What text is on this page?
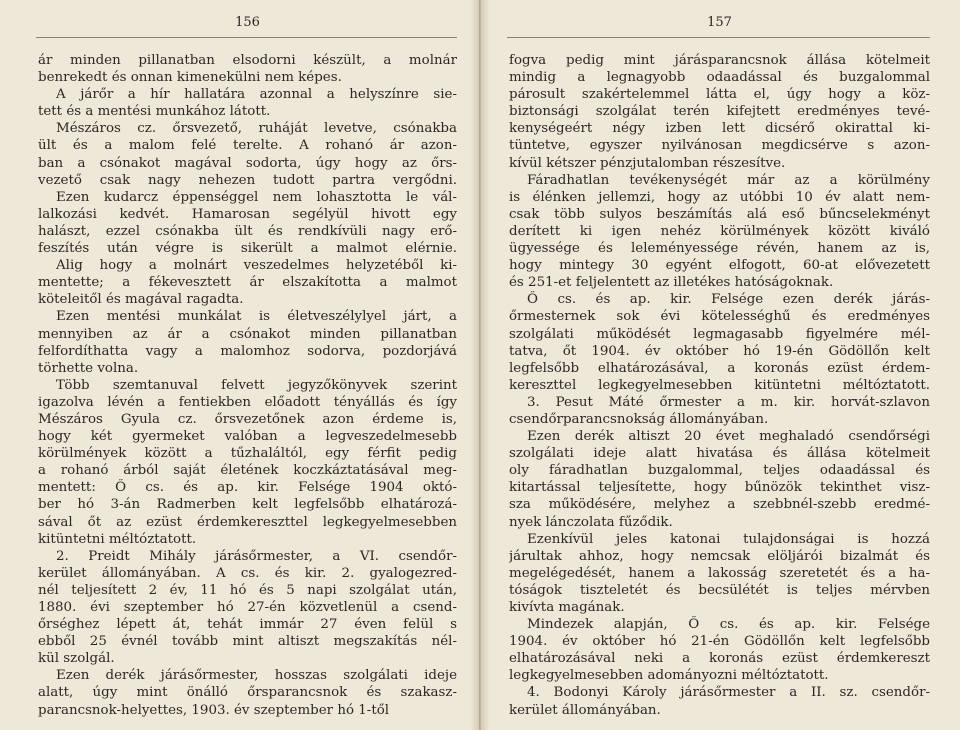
156
ár minden pillanatban elsodorni készült, a molnár
benrekedt és onnan kimenekülni nem képes.
A járőr a hír hallatára azonnal a helyszínre sie-
tett és a mentési munkához látott.
Mészáros cz. őrsvezető, ruháját levetve, csónakba
ült és a malom felé terelte. A rohanó ár azon-
ban a csónakot magával sodorta, úgy hogy az őrs-
vezető csak nagy nehezen tudott partra vergődni.
Ezen kudarcz éppenséggel nem lohasztotta le vál-
lalkozási kedvét. Hamarosan segélyül hivott egy
halászt, ezzel csónakba ült és rendkívüli nagy erő-
feszítés után végre is sikerült a malmot elérnie.
Alig hogy a molnárt veszedelmes helyzetéből ki-
mentette; a fékevesztett ár elszakította a malmot
köteleitől és magával ragadta.
Ezen mentési munkálat is életveszélylyel járt, a
mennyiben az ár a csónakot minden pillanatban
felfordíthatta vagy a malomhoz sodorva, pozdorjává
törhette volna.
Több szemtanuval felvett jegyzőkönyvek szerint
igazolva lévén a fentiekben előadott tényállás és így
Mészáros Gyula cz. őrsvezetőnek azon érdeme is,
hogy két gyermeket valóban a legveszedelmesebb
körülmények között a tűzhaláltól, egy férfit pedig
a rohanó árból saját életének koczkáztatásával meg-
mentett: Ő cs. és ap. kir. Felsége 1904 októ-
ber hó 3-án Radmerben kelt legfelsőbb elhatározá-
sával őt az ezüst érdemkereszttel legkegyelmesebben
kitüntetni méltóztatott.
2. Preidt Mihály járásőrmester, a VI. csendőr-
kerület állományában. A cs. és kir. 2. gyalogezred-
nél teljesített 2 év, 11 hó és 5 napi szolgálat után,
1880. évi szeptember hó 27-én közvetlenül a csend-
őrséghez lépett át, tehát immár 27 éven felül s
ebből 25 évnél tovább mint altiszt megszakítás nél-
kül szolgál.
Ezen derék járásőrmester, hosszas szolgálati ideje
alatt, úgy mint önálló őrsparancsnok és szakasz-
parancsnok-helyettes, 1903. év szeptember hó 1-től
157
fogva pedig mint járásparancsnok állása kötelmeit
mindig a legnagyobb odaadással és buzgalommal
párosult szakértelemmel látta el, úgy hogy a köz-
biztonsági szolgálat terén kifejtett eredményes tevé-
kenységeért négy izben lett dicsérő okirattal ki-
tüntetve, egyszer nyilvánosan megdicsérve s azon-
kívül kétszer pénzjutalomban részesítve.
Fáradhatlan tevékenységét már az a körülmény
is élénken jellemzi, hogy az utóbbi 10 év alatt nem-
csak több sulyos beszámítás alá eső bűncselekményt
derített ki igen nehéz körülmények között kiváló
ügyessége és leleményessége révén, hanem az is,
hogy mintegy 30 egyént elfogott, 60-at elővezetett
és 251-et feljelentett az illetékes hatóságoknak.
Ő cs. és ap. kir. Felsége ezen derék járás-
őrmesternek sok évi kötelességhű és eredményes
szolgálati működését legmagasabb figyelmére mél-
tatva, őt 1904. év október hó 19-én Gödöllőn kelt
legfelsőbb elhatározásával, a koronás ezüst érdem-
kereszttel legkegyelmesebben kitüntetni méltóztatott.
3. Pesut Máté őrmester a m. kir. horvát-szlavon
csendőrparancsnokság állományában.
Ezen derék altiszt 20 évet meghaladó csendőrségi
szolgálati ideje alatt hivatása és állása kötelmeit
oly fáradhatlan buzgalommal, teljes odaadással és
kitartással teljesítette, hogy bűnözök tekinthet visz-
sza működésére, melyhez a szebbnél-szebb eredmé-
nyek lánczolata fűződik.
Ezenkívül jeles katonai tulajdonságai is hozzá
járultak ahhoz, hogy nemcsak elöljárói bizalmát és
megelégedését, hanem a lakosság szeretetét és a ha-
tóságok tiszteletét és becsülétét is teljes mérvben
kivívta magának.
Mindezek alapján, Ő cs. és ap. kir. Felsége
1904. év október hó 21-én Gödöllőn kelt legfelsőbb
elhatározásával neki a koronás ezüst érdemkereszt
legkegyelmesebben adományozni méltóztatott.
4. Bodonyi Károly járásőrmester a II. sz. csendőr-
kerület állományában.
